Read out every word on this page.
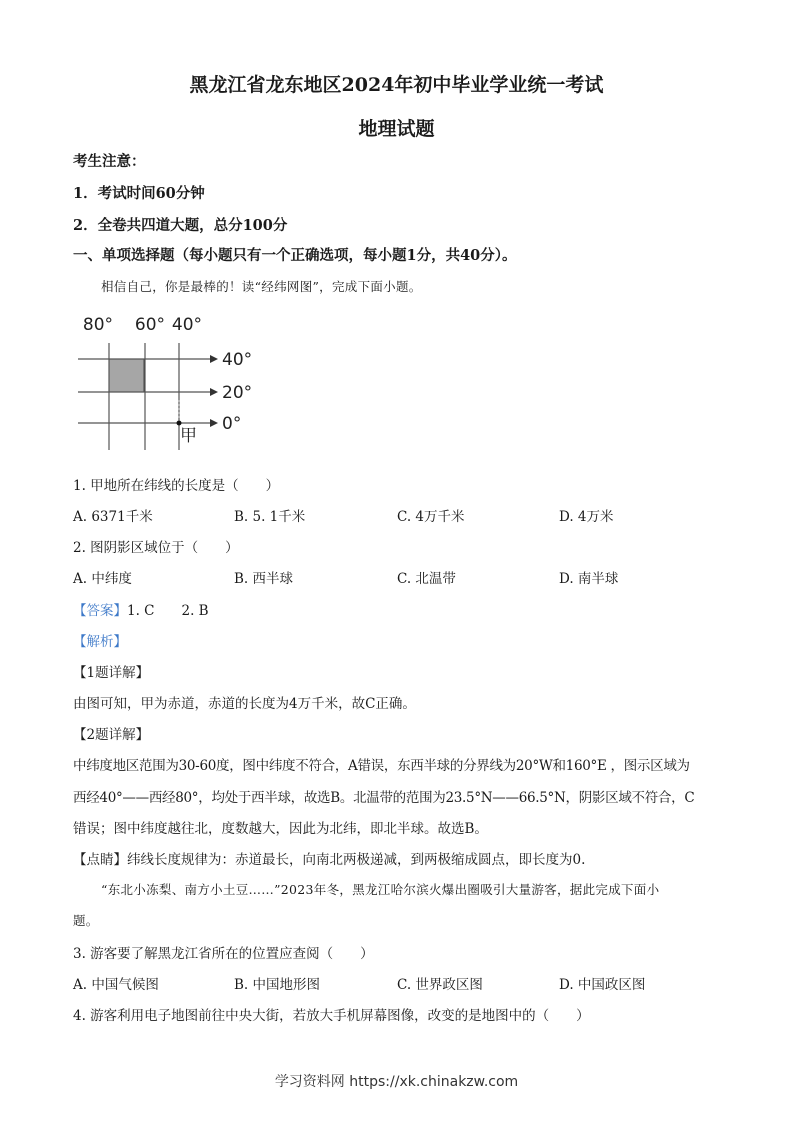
黑龙江省龙东地区2024年初中毕业学业统一考试
地理试题
考生注意：
1．考试时间60分钟
2．全卷共四道大题，总分100分
一、单项选择题（每小题只有一个正确选项，每小题1分，共40分）。
相信自己，你是最棒的！读“经纬网图”，完成下面小题。
80° 60° 40°
40°
20°
0°
甲
1. 甲地所在纬线的长度是（　　）
A. 6371千米	B. 5. 1千米	C. 4万千米	D. 4万米
2. 图阴影区域位于（　　）
A. 中纬度	B. 西半球	C. 北温带	D. 南半球
【答案】1. C　　2. B
【解析】
【1题详解】
由图可知，甲为赤道，赤道的长度为4万千米，故C正确。
【2题详解】
中纬度地区范围为30-60度，图中纬度不符合，A错误，东西半球的分界线为20°W和160°E ，图示区域为
西经40°——西经80°，均处于西半球，故选B。北温带的范围为23.5°N——66.5°N，阴影区域不符合，C
错误；图中纬度越往北，度数越大，因此为北纬，即北半球。故选B。
【点睛】纬线长度规律为：赤道最长，向南北两极递减，到两极缩成圆点，即长度为0.
“东北小冻梨、南方小土豆……”2023年冬，黑龙江哈尔滨火爆出圈吸引大量游客，据此完成下面小
题。
3. 游客要了解黑龙江省所在的位置应查阅（　　）
A. 中国气候图	B. 中国地形图	C. 世界政区图	D. 中国政区图
4. 游客利用电子地图前往中央大街，若放大手机屏幕图像，改变的是地图中的（　　）
学习资料网 https://xk.chinakzw.com
